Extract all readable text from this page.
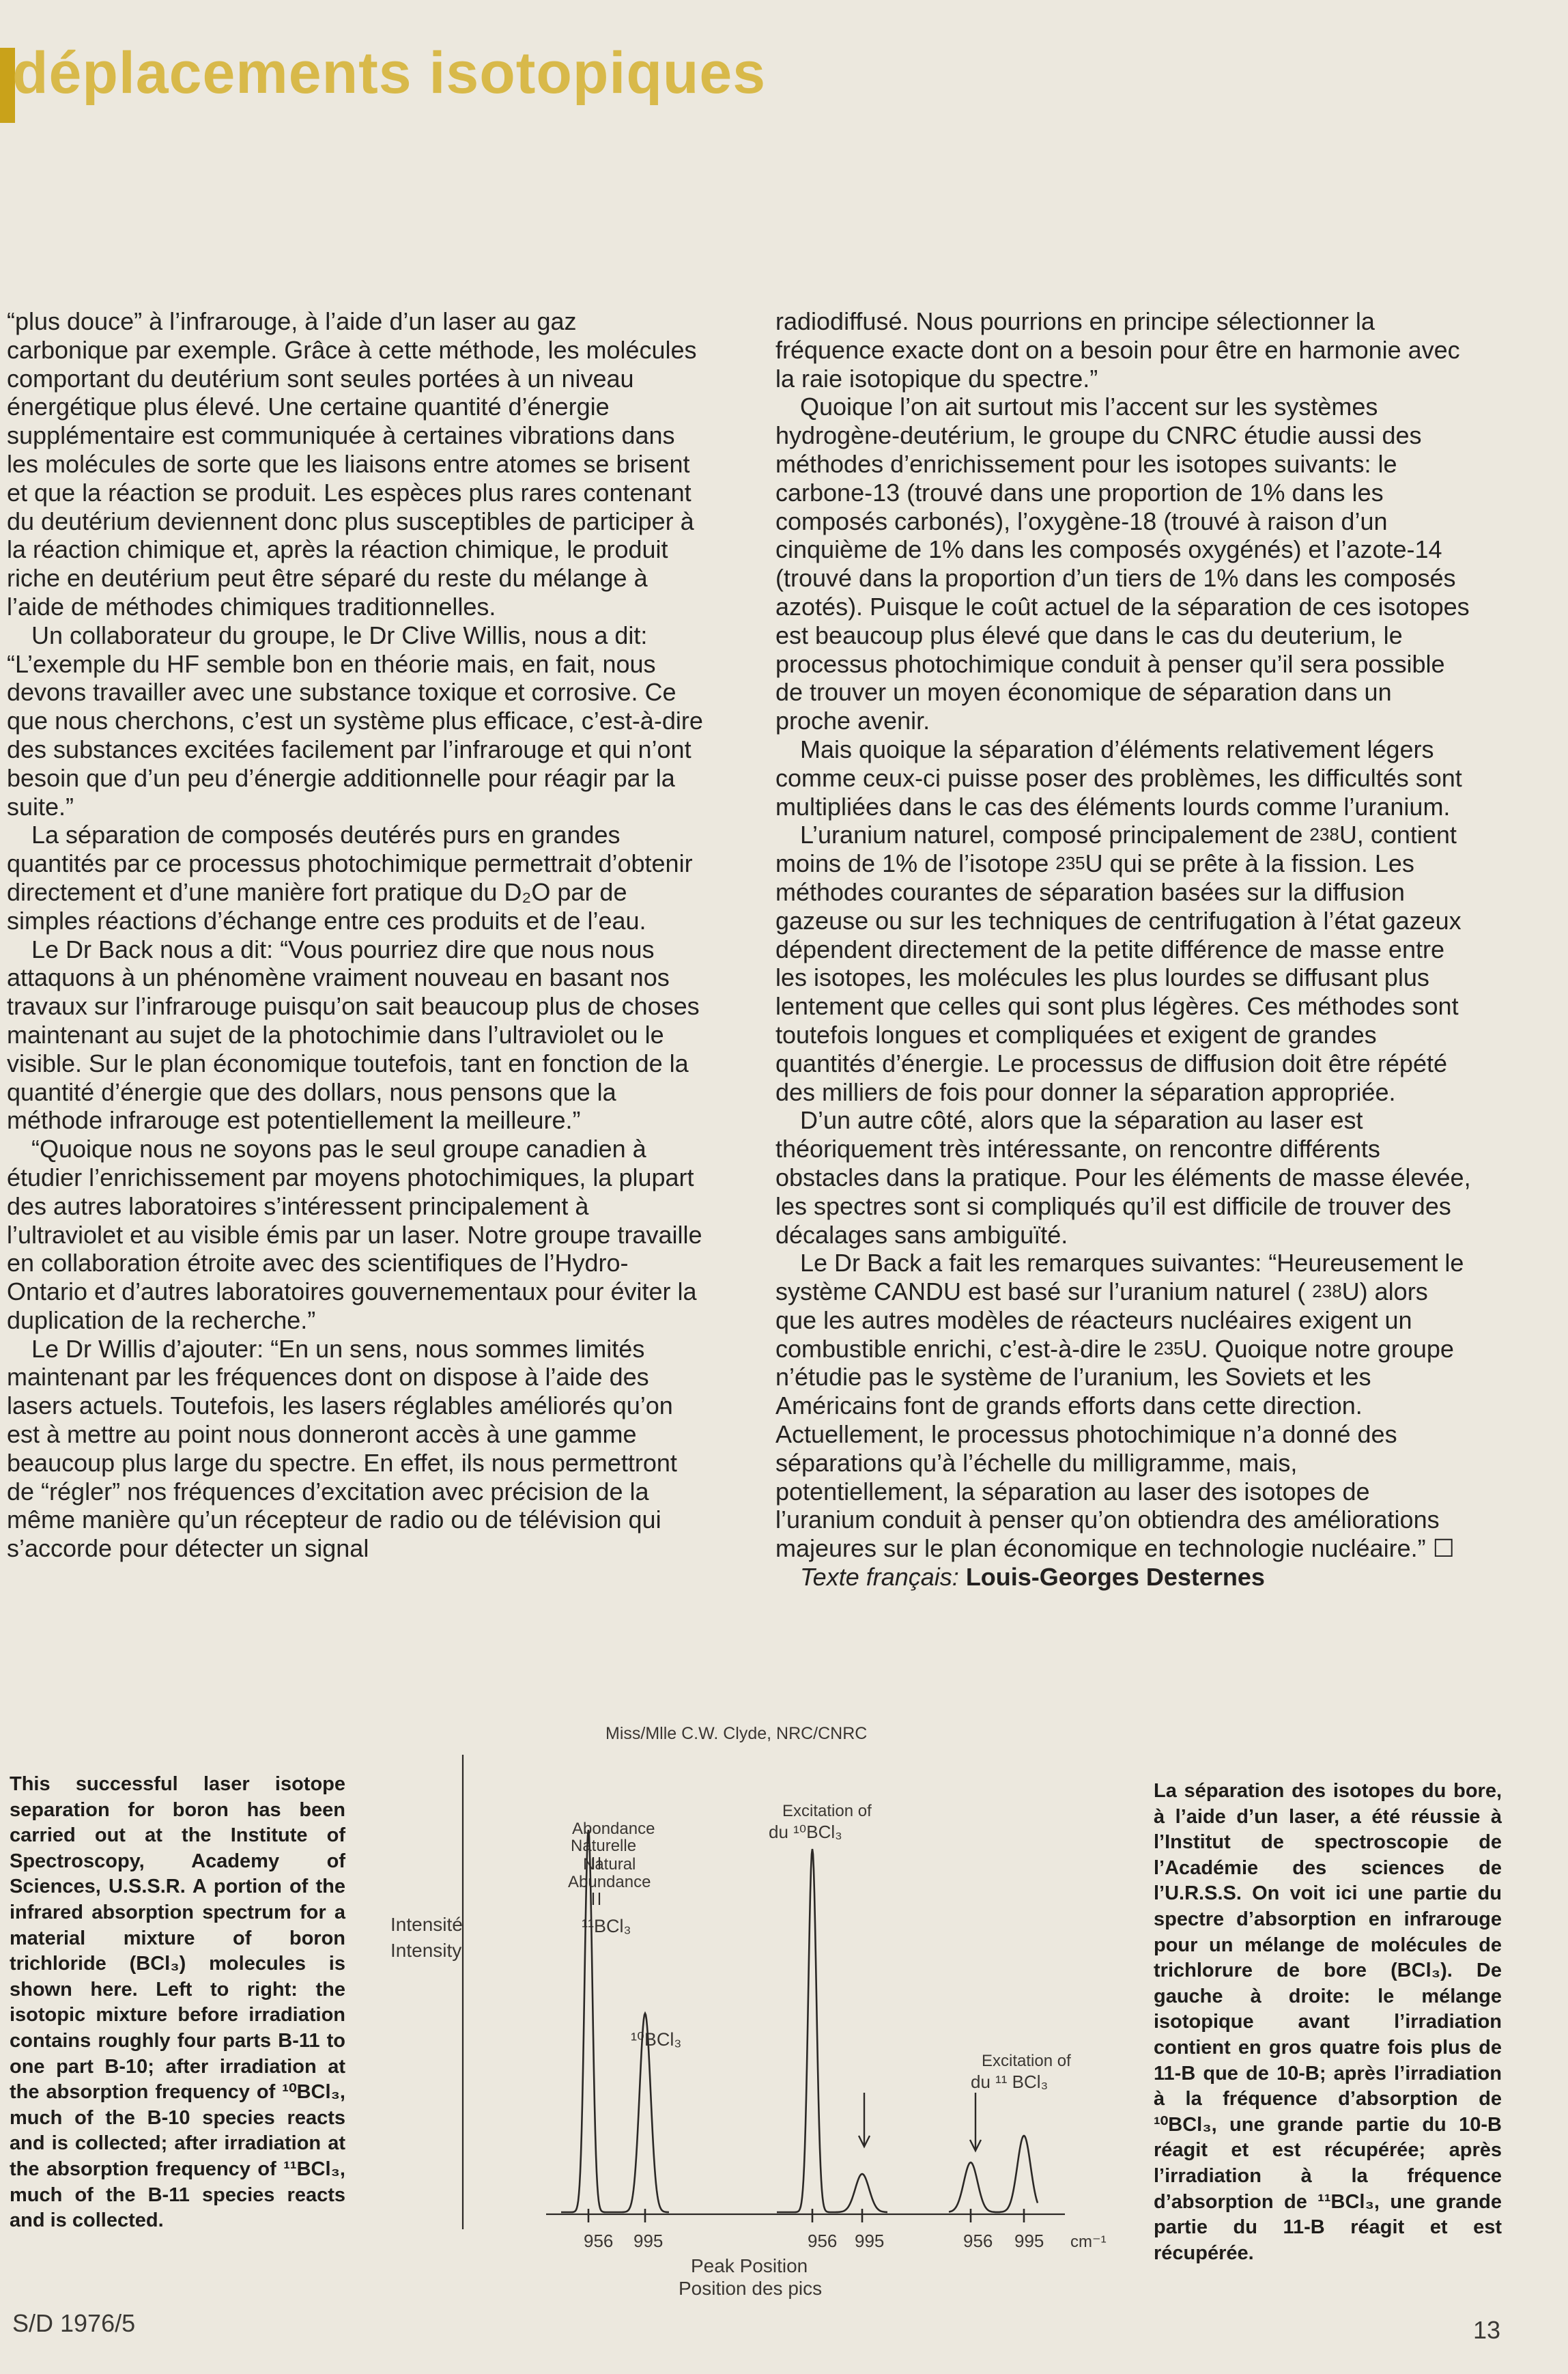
déplacements isotopiques

“plus douce” à l’infrarouge, à l’aide d’un laser au gaz carbonique par exemple. Grâce à cette méthode, les molécules comportant du deutérium sont seules portées à un niveau énergétique plus élevé. Une certaine quantité d’énergie supplémentaire est communiquée à certaines vibrations dans les molécules de sorte que les liaisons entre atomes se brisent et que la réaction se produit. Les espèces plus rares contenant du deutérium deviennent donc plus susceptibles de participer à la réaction chimique et, après la réaction chimique, le produit riche en deutérium peut être séparé du reste du mélange à l’aide de méthodes chimiques traditionnelles.

Un collaborateur du groupe, le Dr Clive Willis, nous a dit: “L’exemple du HF semble bon en théorie mais, en fait, nous devons travailler avec une substance toxique et corrosive. Ce que nous cherchons, c’est un système plus efficace, c’est-à-dire des substances excitées facilement par l’infrarouge et qui n’ont besoin que d’un peu d’énergie additionnelle pour réagir par la suite.”

La séparation de composés deutérés purs en grandes quantités par ce processus photochimique permettrait d’obtenir directement et d’une manière fort pratique du D₂O par de simples réactions d’échange entre ces produits et de l’eau.

Le Dr Back nous a dit: “Vous pourriez dire que nous nous attaquons à un phénomène vraiment nouveau en basant nos travaux sur l’infrarouge puisqu’on sait beaucoup plus de choses maintenant au sujet de la photochimie dans l’ultraviolet ou le visible. Sur le plan économique toutefois, tant en fonction de la quantité d’énergie que des dollars, nous pensons que la méthode infrarouge est potentiellement la meilleure.”

“Quoique nous ne soyons pas le seul groupe canadien à étudier l’enrichissement par moyens photochimiques, la plupart des autres laboratoires s’intéressent principalement à l’ultraviolet et au visible émis par un laser. Notre groupe travaille en collaboration étroite avec des scientifiques de l’Hydro-Ontario et d’autres laboratoires gouvernementaux pour éviter la duplication de la recherche.”

Le Dr Willis d’ajouter: “En un sens, nous sommes limités maintenant par les fréquences dont on dispose à l’aide des lasers actuels. Toutefois, les lasers réglables améliorés qu’on est à mettre au point nous donneront accès à une gamme beaucoup plus large du spectre. En effet, ils nous permettront de “régler” nos fréquences d’excitation avec précision de la même manière qu’un récepteur de radio ou de télévision qui s’accorde pour détecter un signal

radiodiffusé. Nous pourrions en principe sélectionner la fréquence exacte dont on a besoin pour être en harmonie avec la raie isotopique du spectre.”

Quoique l’on ait surtout mis l’accent sur les systèmes hydrogène-deutérium, le groupe du CNRC étudie aussi des méthodes d’enrichissement pour les isotopes suivants: le carbone-13 (trouvé dans une proportion de 1% dans les composés carbonés), l’oxygène-18 (trouvé à raison d’un cinquième de 1% dans les composés oxygénés) et l’azote-14 (trouvé dans la proportion d’un tiers de 1% dans les composés azotés). Puisque le coût actuel de la séparation de ces isotopes est beaucoup plus élevé que dans le cas du deuterium, le processus photochimique conduit à penser qu’il sera possible de trouver un moyen économique de séparation dans un proche avenir.

Mais quoique la séparation d’éléments relativement légers comme ceux-ci puisse poser des problèmes, les difficultés sont multipliées dans le cas des éléments lourds comme l’uranium.

L’uranium naturel, composé principalement de $^{238}$U, contient moins de 1% de l’isotope $^{235}$U qui se prête à la fission. Les méthodes courantes de séparation basées sur la diffusion gazeuse ou sur les techniques de centrifugation à l’état gazeux dépendent directement de la petite différence de masse entre les isotopes, les molécules les plus lourdes se diffusant plus lentement que celles qui sont plus légères. Ces méthodes sont toutefois longues et compliquées et exigent de grandes quantités d’énergie. Le processus de diffusion doit être répété des milliers de fois pour donner la séparation appropriée.

D’un autre côté, alors que la séparation au laser est théoriquement très intéressante, on rencontre différents obstacles dans la pratique. Pour les éléments de masse élevée, les spectres sont si compliqués qu’il est difficile de trouver des décalages sans ambiguïté.

Le Dr Back a fait les remarques suivantes: “Heureusement le système CANDU est basé sur l’uranium naturel ( $^{238}$U) alors que les autres modèles de réacteurs nucléaires exigent un combustible enrichi, c’est-à-dire le $^{235}$U. Quoique notre groupe n’étudie pas le système de l’uranium, les Soviets et les Américains font de grands efforts dans cette direction. Actuellement, le processus photochimique n’a donné des séparations qu’à l’échelle du milligramme, mais, potentiellement, la séparation au laser des isotopes de l’uranium conduit à penser qu’on obtiendra des améliorations majeures sur le plan économique en technologie nucléaire.” ☐

Texte français: Louis-Georges Desternes

This successful laser isotope separation for boron has been carried out at the Institute of Spectroscopy, Academy of Sciences, U.S.S.R. A portion of the infrared absorption spectrum for a material mixture of boron trichloride (BCl₃) molecules is shown here. Left to right: the isotopic mixture before irradiation contains roughly four parts B-11 to one part B-10; after irradiation at the absorption frequency of ¹⁰BCl₃, much of the B-10 species reacts and is collected; after irradiation at the absorption frequency of ¹¹BCl₃, much of the B-11 species reacts and is collected.
La séparation des isotopes du bore, à l’aide d’un laser, a été réussie à l’Institut de spectroscopie de l’Académie des sciences de l’U.R.S.S. On voit ici une partie du spectre d’absorption en infrarouge pour un mélange de molécules de trichlorure de bore (BCl₃). De gauche à droite: le mélange isotopique avant l’irradiation contient en gros quatre fois plus de 11-B que de 10-B; après l’irradiation à la fréquence d’absorption de ¹⁰BCl₃, une grande partie du 10-B réagit et est récupérée; après l’irradiation à la fréquence d’absorption de ¹¹BCl₃, une grande partie du 11-B réagit et est récupérée.
Miss/Mlle C.W. Clyde, NRC/CNRC
Intensité
Intensity
Abondance
Naturelle
Natural
Abundance
¹¹BCl₃
¹⁰BCl₃
Excitation of
du ¹⁰BCl₃
Excitation of
du ¹¹ BCl₃
956 995	956 995	956 995 cm⁻¹
Peak Position
Position des pics
S/D 1976/5	13
